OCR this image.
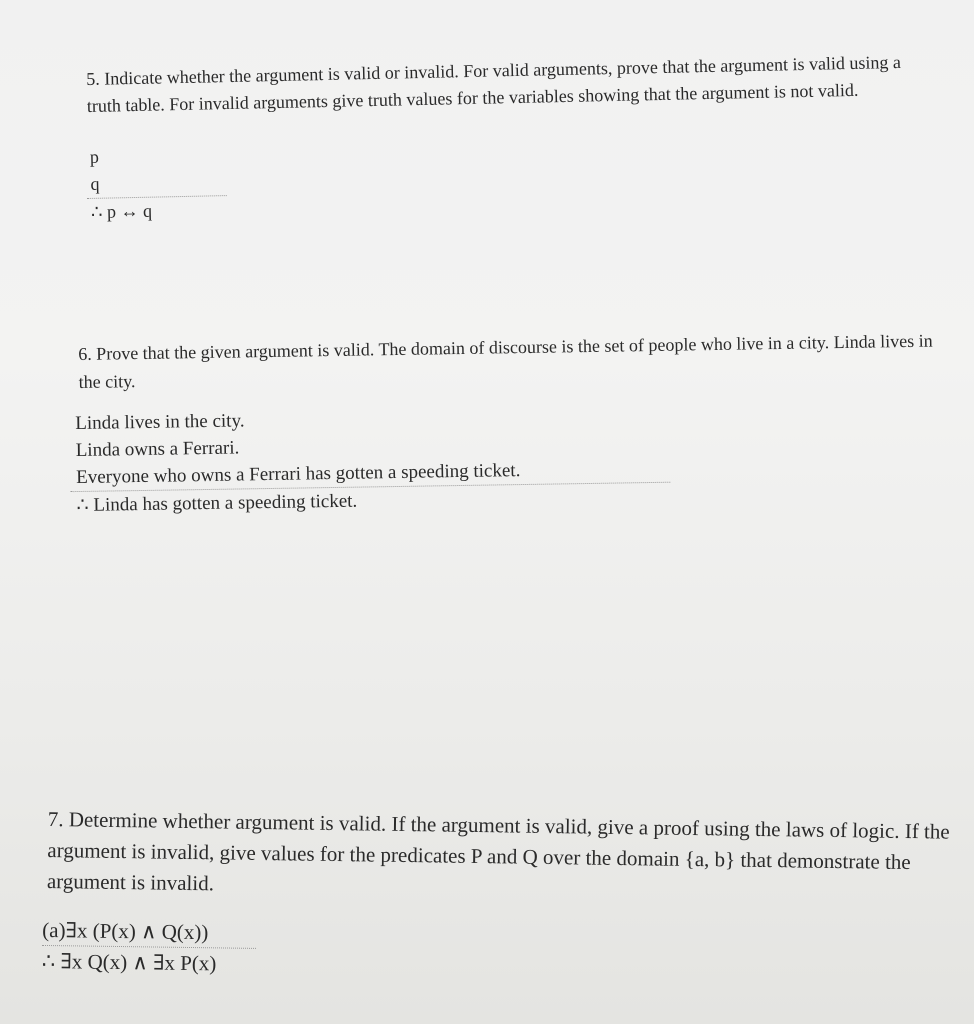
5. Indicate whether the argument is valid or invalid. For valid arguments, prove that the argument is valid using a truth table. For invalid arguments give truth values for the variables showing that the argument is not valid.

p
q
∴ p ↔ q

6. Prove that the given argument is valid. The domain of discourse is the set of people who live in a city. Linda lives in the city.

Linda lives in the city.
Linda owns a Ferrari.
Everyone who owns a Ferrari has gotten a speeding ticket.
∴ Linda has gotten a speeding ticket.

7. Determine whether argument is valid. If the argument is valid, give a proof using the laws of logic. If the argument is invalid, give values for the predicates P and Q over the domain {a, b} that demonstrate the argument is invalid.

(a)∃x (P(x) ∧ Q(x))
∴ ∃x Q(x) ∧ ∃x P(x)
